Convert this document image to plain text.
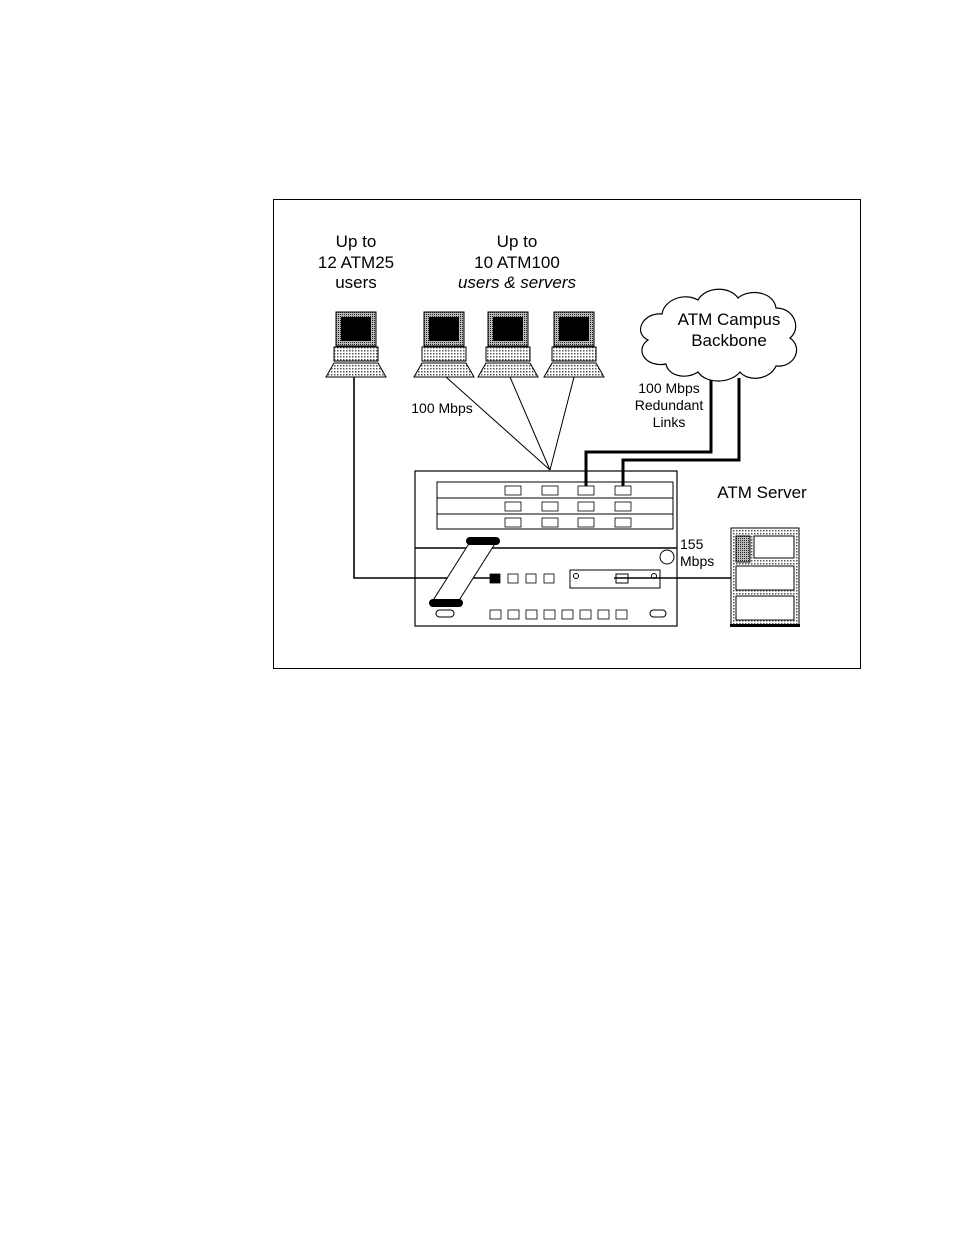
Up to
12 ATM25
users
Up to
10 ATM100
users & servers
ATM Campus
Backbone
100 Mbps
100 Mbps
Redundant
Links
ATM Server
155
Mbps
